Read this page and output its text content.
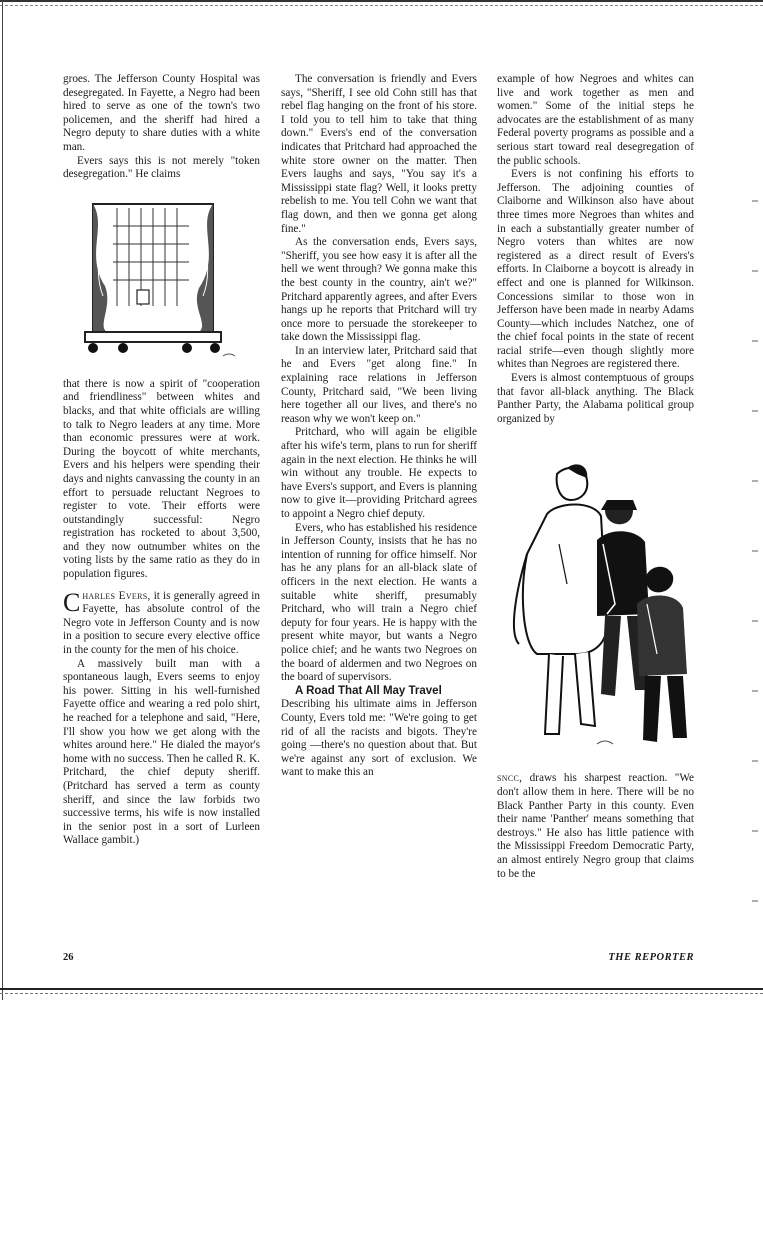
groes. The Jefferson County Hospital was desegregated. In Fayette, a Negro had been hired to serve as one of the town's two policemen, and the sheriff had hired a Negro deputy to share duties with a white man.

Evers says this is not merely "token desegregation." He claims

that there is now a spirit of "cooperation and friendliness" between whites and blacks, and that white officials are willing to talk to Negro leaders at any time. More than economic pressures were at work. During the boycott of white merchants, Evers and his helpers were spending their days and nights canvassing the county in an effort to persuade reluctant Negroes to register to vote. Their efforts were outstandingly successful: Negro registration has rocketed to about 3,500, and they now outnumber whites on the voting lists by the same ratio as they do in population figures.

Charles Evers, it is generally agreed in Fayette, has absolute control of the Negro vote in Jefferson County and is now in a position to secure every elective office in the county for the men of his choice.

A massively built man with a spontaneous laugh, Evers seems to enjoy his power. Sitting in his well-furnished Fayette office and wearing a red polo shirt, he reached for a telephone and said, "Here, I'll show you how we get along with the whites around here." He dialed the mayor's home with no success. Then he called R. K. Pritchard, the chief deputy sheriff. (Pritchard has served a term as county sheriff, and since the law forbids two successive terms, his wife is now installed in the senior post in a sort of Lurleen Wallace gambit.)

The conversation is friendly and Evers says, "Sheriff, I see old Cohn still has that rebel flag hanging on the front of his store. I told you to tell him to take that thing down." Evers's end of the conversation indicates that Pritchard had approached the white store owner on the matter. Then Evers laughs and says, "You say it's a Mississippi state flag? Well, it looks pretty rebelish to me. You tell Cohn we want that flag down, and then we gonna get along fine."

As the conversation ends, Evers says, "Sheriff, you see how easy it is after all the hell we went through? We gonna make this the best county in the country, ain't we?" Pritchard apparently agrees, and after Evers hangs up he reports that Pritchard will try once more to persuade the storekeeper to take down the Mississippi flag.

In an interview later, Pritchard said that he and Evers "get along fine." In explaining race relations in Jefferson County, Pritchard said, "We been living here together all our lives, and there's no reason why we won't keep on."

Pritchard, who will again be eligible after his wife's term, plans to run for sheriff again in the next election. He thinks he will win without any trouble. He expects to have Evers's support, and Evers is planning now to give it—providing Pritchard agrees to appoint a Negro chief deputy.

Evers, who has established his residence in Jefferson County, insists that he has no intention of running for office himself. Nor has he any plans for an all-black slate of officers in the next election. He wants a suitable white sheriff, presumably Pritchard, who will train a Negro chief deputy for four years. He is happy with the present white mayor, but wants a Negro police chief; and he wants two Negroes on the board of aldermen and two Negroes on the board of supervisors.

A Road That All May Travel

Describing his ultimate aims in Jefferson County, Evers told me: "We're going to get rid of all the racists and bigots. They're going —there's no question about that. But we're against any sort of exclusion. We want to make this an

example of how Negroes and whites can live and work together as men and women." Some of the initial steps he advocates are the establishment of as many Federal poverty programs as possible and a serious start toward real desegregation of the public schools.

Evers is not confining his efforts to Jefferson. The adjoining counties of Claiborne and Wilkinson also have about three times more Negroes than whites and in each a substantially greater number of Negro voters than whites are now registered as a direct result of Evers's efforts. In Claiborne a boycott is already in effect and one is planned for Wilkinson. Concessions similar to those won in Jefferson have been made in nearby Adams County—which includes Natchez, one of the chief focal points in the state of recent racial strife—even though slightly more whites than Negroes are registered there.

Evers is almost contemptuous of groups that favor all-black anything. The Black Panther Party, the Alabama political group organized by

sncc, draws his sharpest reaction. "We don't allow them in here. There will be no Black Panther Party in this county. Even their name 'Panther' means something that destroys." He also has little patience with the Mississippi Freedom Democratic Party, an almost entirely Negro group that claims to be the

26	THE REPORTER
